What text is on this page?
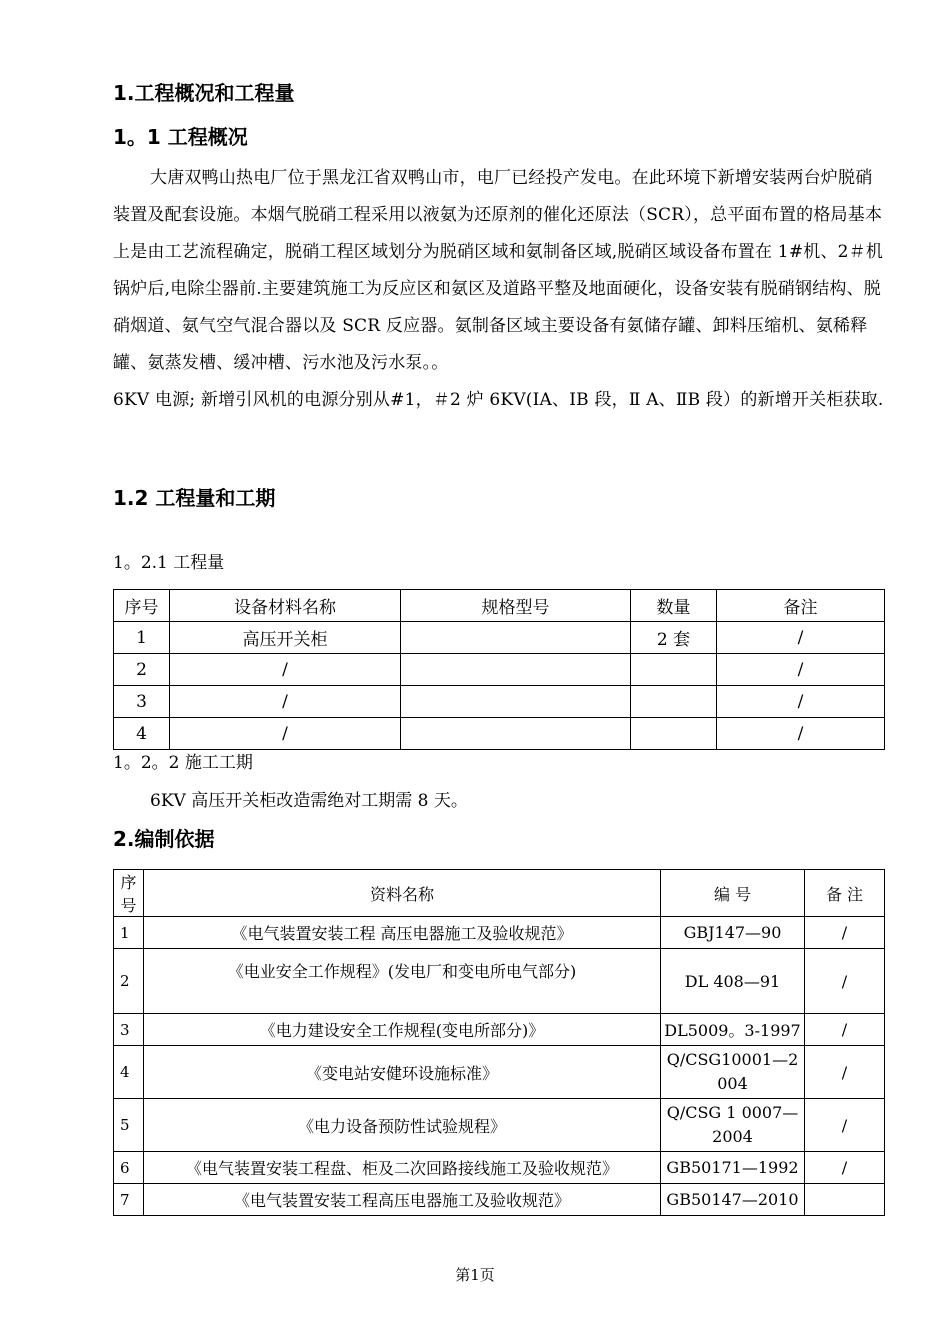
1.工程概况和工程量
1。1 工程概况

大唐双鸭山热电厂位于黑龙江省双鸭山市，电厂已经投产发电。在此环境下新增安装两台炉脱硝装置及配套设施。本烟气脱硝工程采用以液氨为还原剂的催化还原法（SCR），总平面布置的格局基本上是由工艺流程确定，脱硝工程区域划分为脱硝区域和氨制备区域,脱硝区域设备布置在 1#机、2＃机锅炉后,电除尘器前.主要建筑施工为反应区和氨区及道路平整及地面硬化，设备安装有脱硝钢结构、脱硝烟道、氨气空气混合器以及 SCR 反应器。氨制备区域主要设备有氨储存罐、卸料压缩机、氨稀释罐、氨蒸发槽、缓冲槽、污水池及污水泵。。

6KV 电源; 新增引风机的电源分别从#1，＃2 炉 6KV(ⅠA、ⅠB 段，Ⅱ A、ⅡB 段）的新增开关柜获取.

1.2 工程量和工期
1。2.1 工程量
序号	设备材料名称	规格型号	数量	备注
1	高压开关柜		2 套	/
2	/			/
3	/			/
4	/			/
1。2。2 施工工期
6KV 高压开关柜改造需绝对工期需 8 天。
2.编制依据
序号	资料名称	编 号	备 注
1	《电气装置安装工程 高压电器施工及验收规范》	GBJ147—90	/
2	《电业安全工作规程》(发电厂和变电所电气部分)	DL 408—91	/
3	《电力建设安全工作规程(变电所部分)》	DL5009。3-1997	/
4	《变电站安健环设施标准》	Q/CSG10001—2004	/
5	《电力设备预防性试验规程》	Q/CSG 1 0007—2004	/
6	《电气装置安装工程盘、柜及二次回路接线施工及验收规范》	GB50171—1992	/
7	《电气装置安装工程高压电器施工及验收规范》	GB50147—2010	
第1页
